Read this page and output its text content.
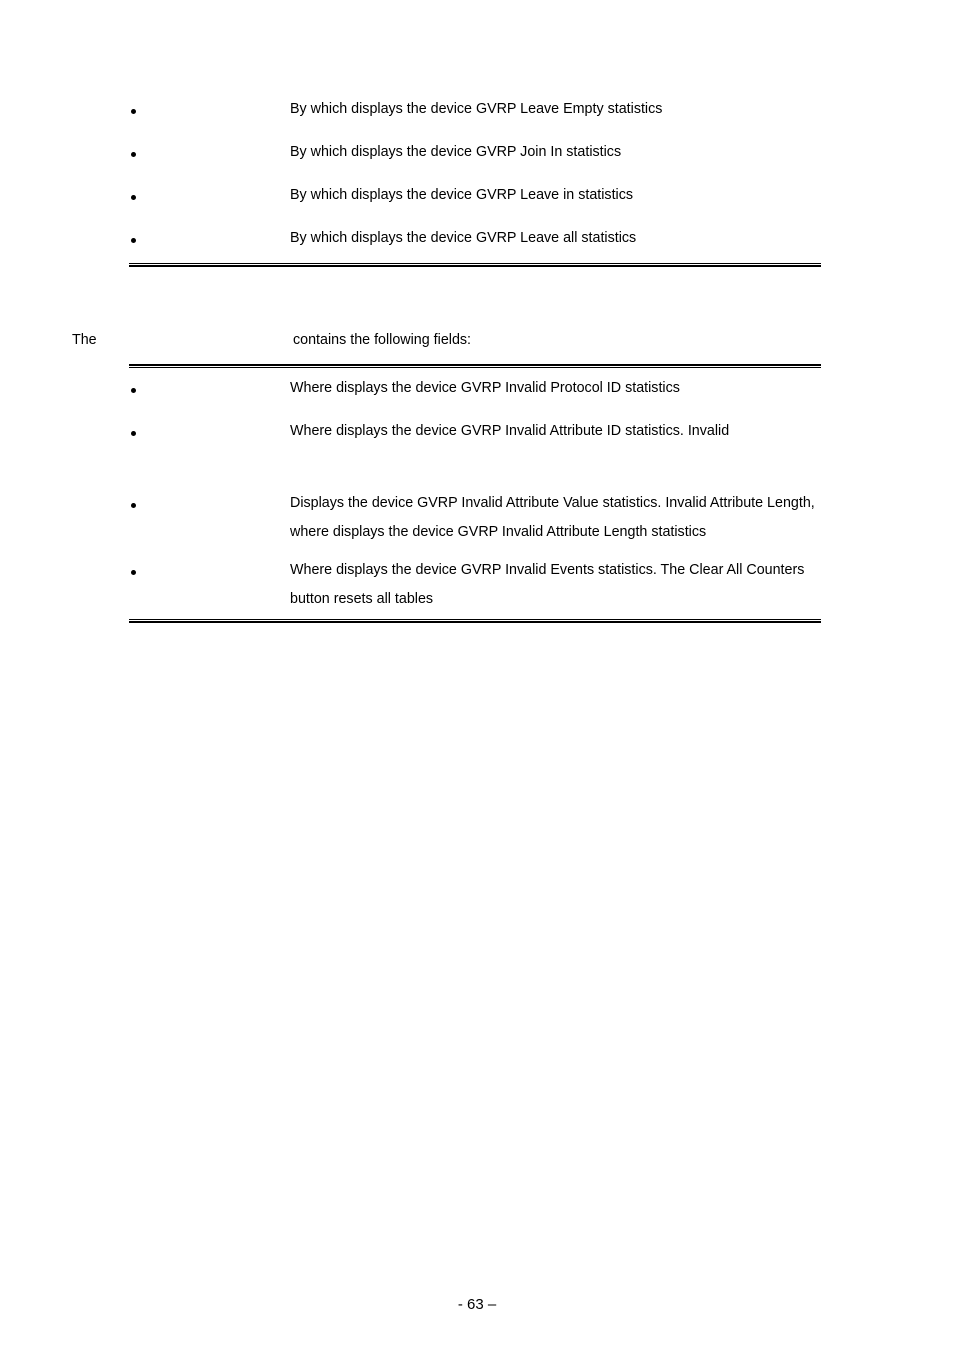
By which displays the device GVRP Leave Empty statistics
By which displays the device GVRP Join In statistics
By which displays the device GVRP Leave in statistics
By which displays the device GVRP Leave all statistics
The	contains the following fields:
Where displays the device GVRP Invalid Protocol ID statistics
Where displays the device GVRP Invalid Attribute ID statistics. Invalid
Displays the device GVRP Invalid Attribute Value statistics. Invalid Attribute Length, where displays the device GVRP Invalid Attribute Length statistics
Where displays the device GVRP Invalid Events statistics. The Clear All Counters button resets all tables
- 63 –
